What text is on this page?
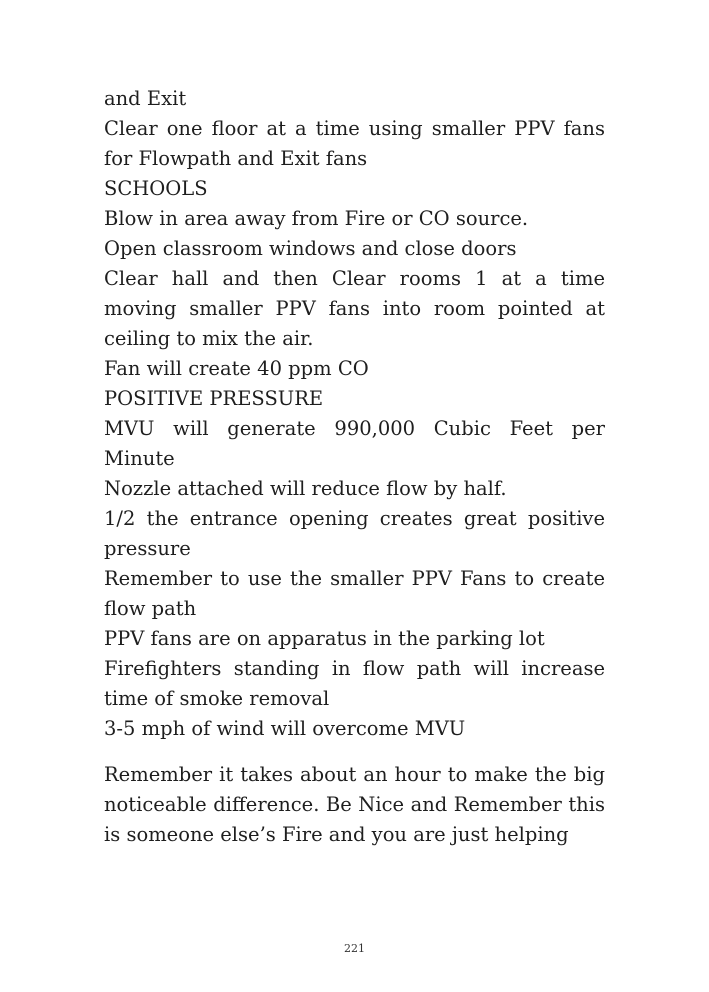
and Exit

Clear one floor at a time using smaller PPV fans for Flowpath and Exit fans

SCHOOLS

Blow in area away from Fire or CO source.

Open classroom windows and close doors

Clear hall and then Clear rooms 1 at a time moving smaller PPV fans into room pointed at ceiling to mix the air.

Fan will create 40 ppm CO

POSITIVE PRESSURE

MVU will generate 990,000 Cubic Feet per Minute

Nozzle attached will reduce flow by half.

1/2 the entrance opening creates great positive pressure

Remember to use the smaller PPV Fans to create flow path

PPV fans are on apparatus in the parking lot

Firefighters standing in flow path will increase time of smoke removal

3-5 mph of wind will overcome MVU

Remember it takes about an hour to make the big noticeable difference. Be Nice and Remember this is someone else’s Fire and you are just helping

221
